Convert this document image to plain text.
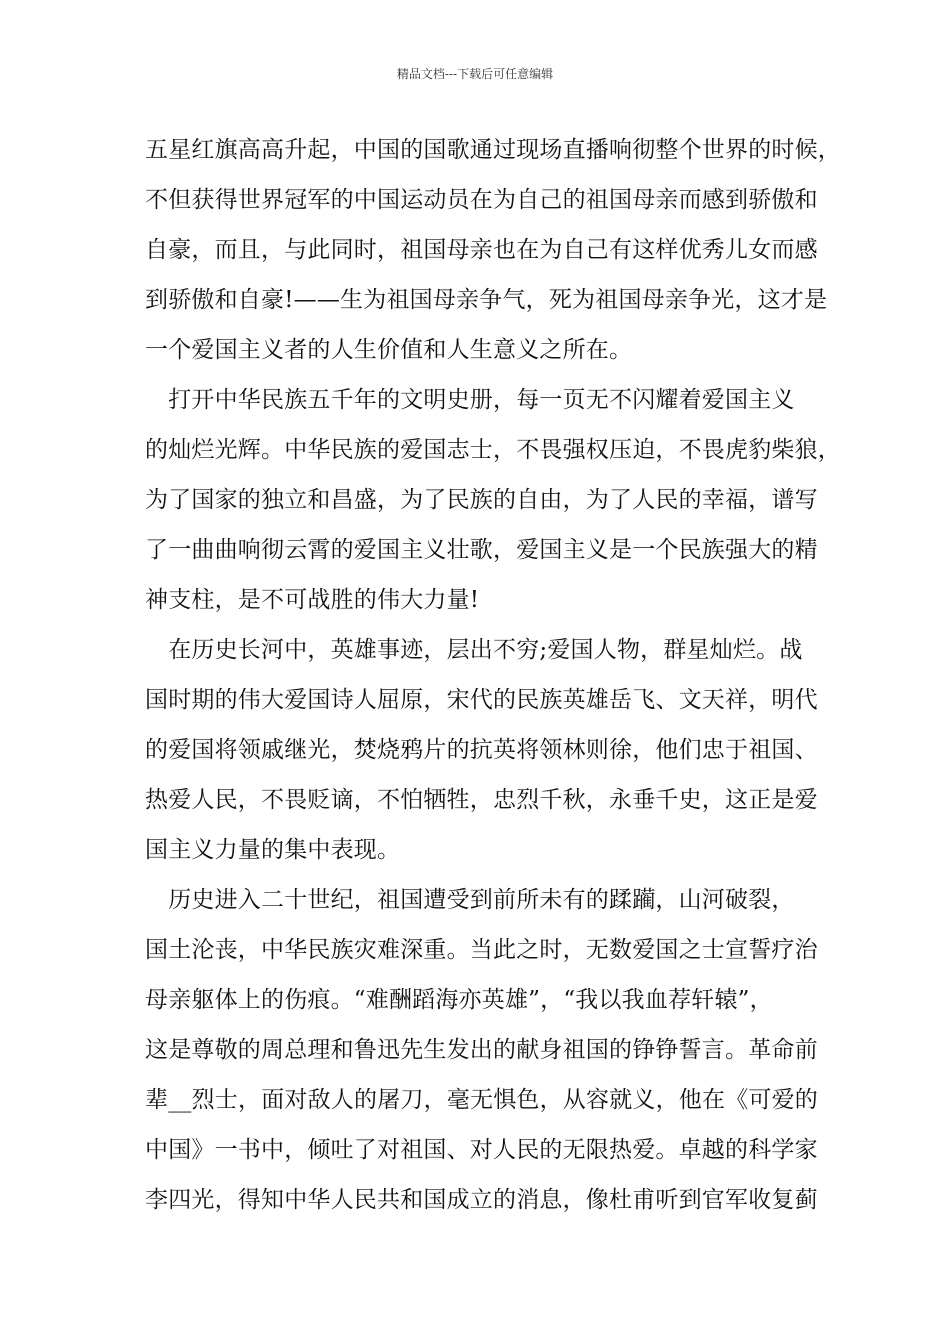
精品文档---下载后可任意编辑
五星红旗高高升起，中国的国歌通过现场直播响彻整个世界的时候，
不但获得世界冠军的中国运动员在为自己的祖国母亲而感到骄傲和
自豪，而且，与此同时，祖国母亲也在为自己有这样优秀儿女而感
到骄傲和自豪!——生为祖国母亲争气，死为祖国母亲争光，这才是
一个爱国主义者的人生价值和人生意义之所在。
　打开中华民族五千年的文明史册，每一页无不闪耀着爱国主义
的灿烂光辉。中华民族的爱国志士，不畏强权压迫，不畏虎豹柴狼，
为了国家的独立和昌盛，为了民族的自由，为了人民的幸福，谱写
了一曲曲响彻云霄的爱国主义壮歌，爱国主义是一个民族强大的精
神支柱，是不可战胜的伟大力量!
　在历史长河中，英雄事迹，层出不穷;爱国人物，群星灿烂。战
国时期的伟大爱国诗人屈原，宋代的民族英雄岳飞、文天祥，明代
的爱国将领戚继光，焚烧鸦片的抗英将领林则徐，他们忠于祖国、
热爱人民，不畏贬谪，不怕牺牲，忠烈千秋，永垂千史，这正是爱
国主义力量的集中表现。
　历史进入二十世纪，祖国遭受到前所未有的蹂躏，山河破裂，
国土沦丧，中华民族灾难深重。当此之时，无数爱国之士宣誓疗治
母亲躯体上的伤痕。“难酬蹈海亦英雄”，“我以我血荐轩辕”，
这是尊敬的周总理和鲁迅先生发出的献身祖国的铮铮誓言。革命前
辈__烈士，面对敌人的屠刀，毫无惧色，从容就义，他在《可爱的
中国》一书中，倾吐了对祖国、对人民的无限热爱。卓越的科学家
李四光，得知中华人民共和国成立的消息，像杜甫听到官军收复蓟
